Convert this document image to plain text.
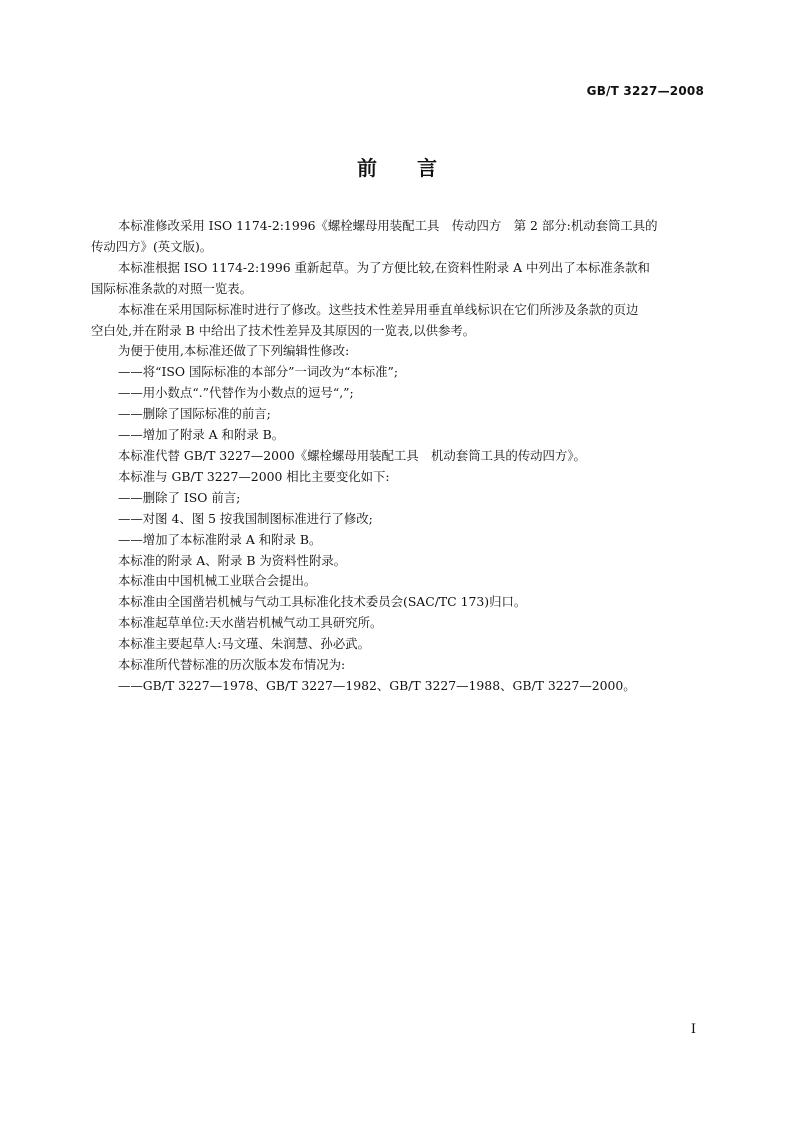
GB/T 3227—2008
前 言

本标准修改采用 ISO 1174-2:1996《螺栓螺母用装配工具　传动四方　第 2 部分:机动套筒工具的

传动四方》(英文版)。

本标准根据 ISO 1174-2:1996 重新起草。为了方便比较,在资料性附录 A 中列出了本标准条款和

国际标准条款的对照一览表。

本标准在采用国际标准时进行了修改。这些技术性差异用垂直单线标识在它们所涉及条款的页边

空白处,并在附录 B 中给出了技术性差异及其原因的一览表,以供参考。

为便于使用,本标准还做了下列编辑性修改:

——将“ISO 国际标准的本部分”一词改为“本标准”;

——用小数点“.”代替作为小数点的逗号“,”;

——删除了国际标准的前言;

——增加了附录 A 和附录 B。

本标准代替 GB/T 3227—2000《螺栓螺母用装配工具　机动套筒工具的传动四方》。

本标准与 GB/T 3227—2000 相比主要变化如下:

——删除了 ISO 前言;

——对图 4、图 5 按我国制图标准进行了修改;

——增加了本标准附录 A 和附录 B。

本标准的附录 A、附录 B 为资料性附录。

本标准由中国机械工业联合会提出。

本标准由全国凿岩机械与气动工具标准化技术委员会(SAC/TC 173)归口。

本标准起草单位:天水凿岩机械气动工具研究所。

本标准主要起草人:马文瑾、朱润慧、孙必武。

本标准所代替标准的历次版本发布情况为:

——GB/T 3227—1978、GB/T 3227—1982、GB/T 3227—1988、GB/T 3227—2000。

I
